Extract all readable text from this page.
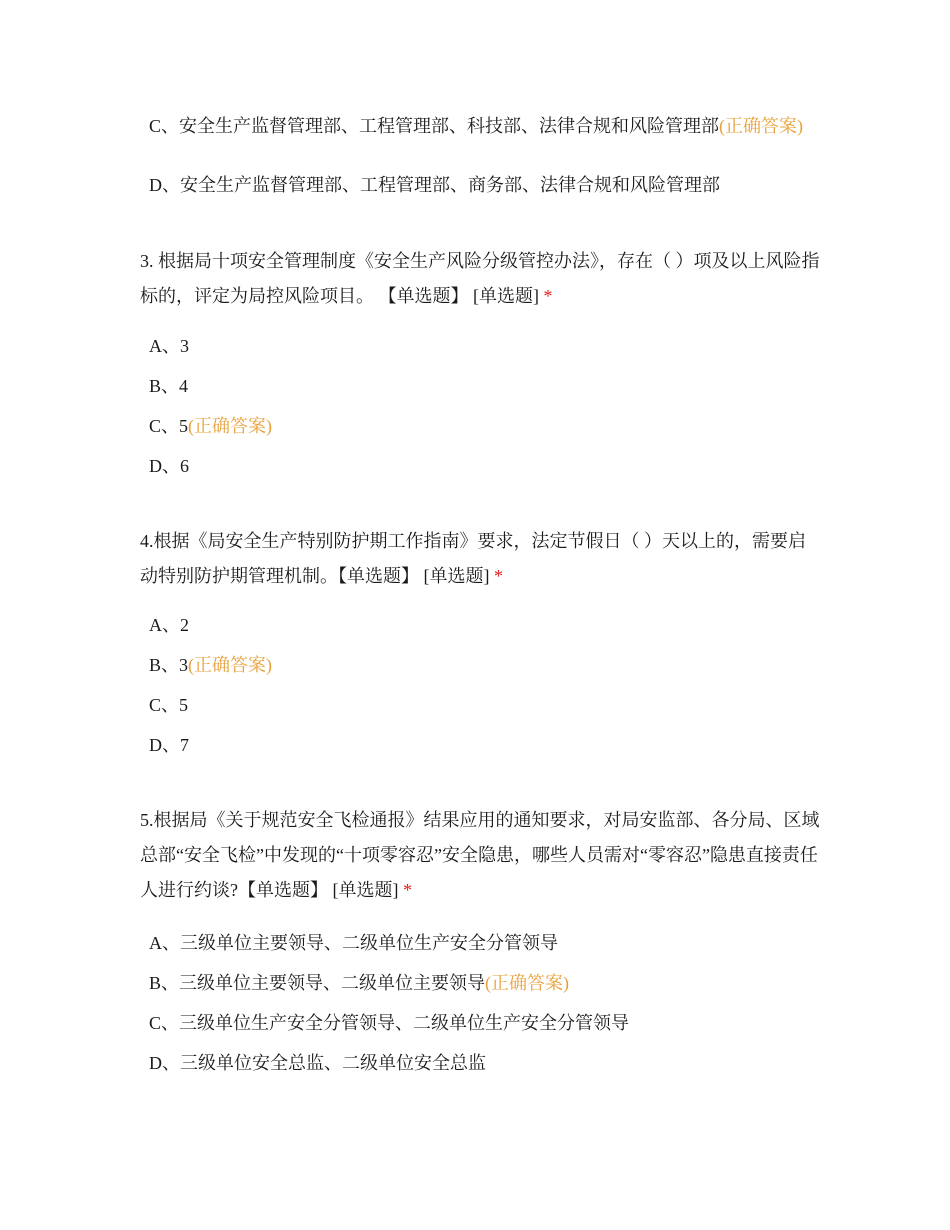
C、安全生产监督管理部、工程管理部、科技部、法律合规和风险管理部(正确答案)
D、安全生产监督管理部、工程管理部、商务部、法律合规和风险管理部

3. 根据局十项安全管理制度《安全生产风险分级管控办法》，存在（ ）项及以上风险指标的，评定为局控风险项目。 【单选题】 [单选题] *

A、3
B、4
C、5(正确答案)
D、6

4.根据《局安全生产特别防护期工作指南》要求，法定节假日（ ）天以上的，需要启动特别防护期管理机制。【单选题】 [单选题] *

A、2
B、3(正确答案)
C、5
D、7

5.根据局《关于规范安全飞检通报》结果应用的通知要求，对局安监部、各分局、区域总部“安全飞检”中发现的“十项零容忍”安全隐患，哪些人员需对“零容忍”隐患直接责任人进行约谈?【单选题】 [单选题] *

A、三级单位主要领导、二级单位生产安全分管领导
B、三级单位主要领导、二级单位主要领导(正确答案)
C、三级单位生产安全分管领导、二级单位生产安全分管领导
D、三级单位安全总监、二级单位安全总监
